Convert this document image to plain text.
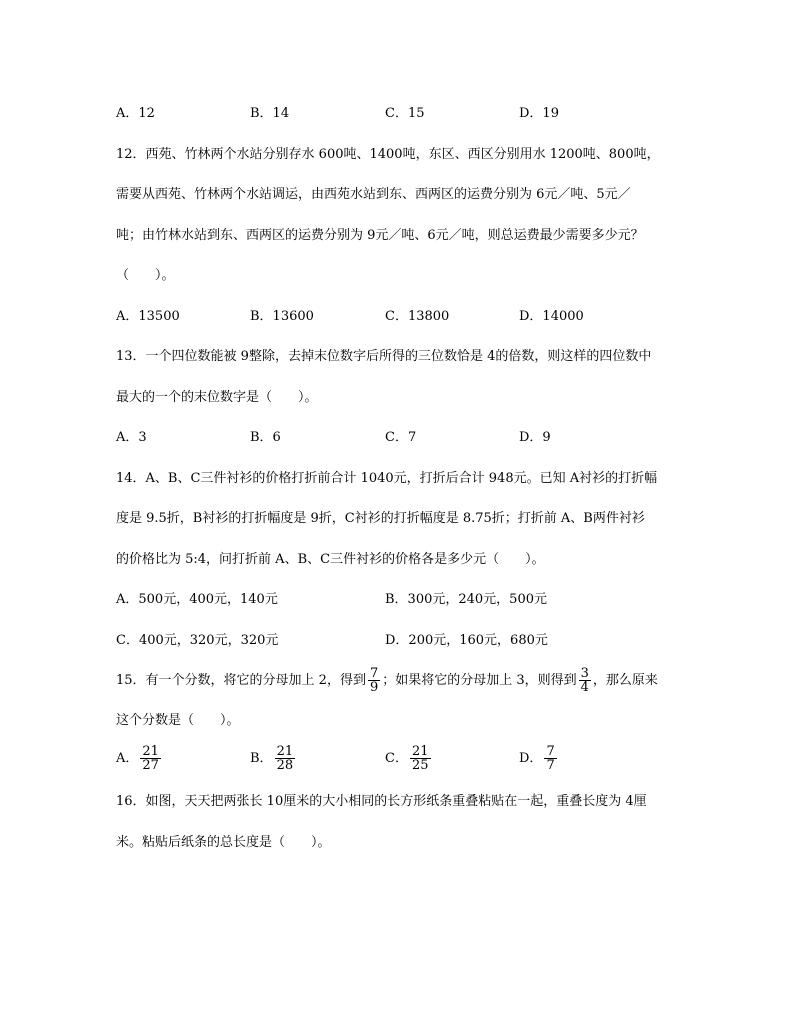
A．12	B．14	C．15	D．19
12．西苑、竹林两个水站分别存水 600吨、1400吨，东区、西区分别用水 1200吨、800吨，
需要从西苑、竹林两个水站调运，由西苑水站到东、西两区的运费分别为 6元／吨、5元／
吨；由竹林水站到东、西两区的运费分别为 9元／吨、6元／吨，则总运费最少需要多少元？
（　　）。
A．13500	B．13600	C．13800	D．14000
13．一个四位数能被 9整除，去掉末位数字后所得的三位数恰是 4的倍数，则这样的四位数中
最大的一个的末位数字是（　　）。
A．3	B．6	C．7	D．9
14．A、B、C三件衬衫的价格打折前合计 1040元，打折后合计 948元。已知 A衬衫的打折幅
度是 9.5折，B衬衫的打折幅度是 9折，C衬衫的打折幅度是 8.75折；打折前 A、B两件衬衫
的价格比为 5:4，问打折前 A、B、C三件衬衫的价格各是多少元（　　）。
A．500元，400元，140元	B．300元，240元，500元
C．400元，320元，320元	D．200元，160元，680元
15．有一个分数，将它的分母加上 2，得到 $\frac{7}{9}$ ；如果将它的分母加上 3，则得到 $\frac{3}{4}$ ，那么原来
这个分数是（　　）。
A． $\frac{21}{27}$	B． $\frac{21}{28}$	C． $\frac{21}{25}$	D． $\frac{7}{7}$
16．如图，天天把两张长 10厘米的大小相同的长方形纸条重叠粘贴在一起，重叠长度为 4厘
米。粘贴后纸条的总长度是（　　）。
